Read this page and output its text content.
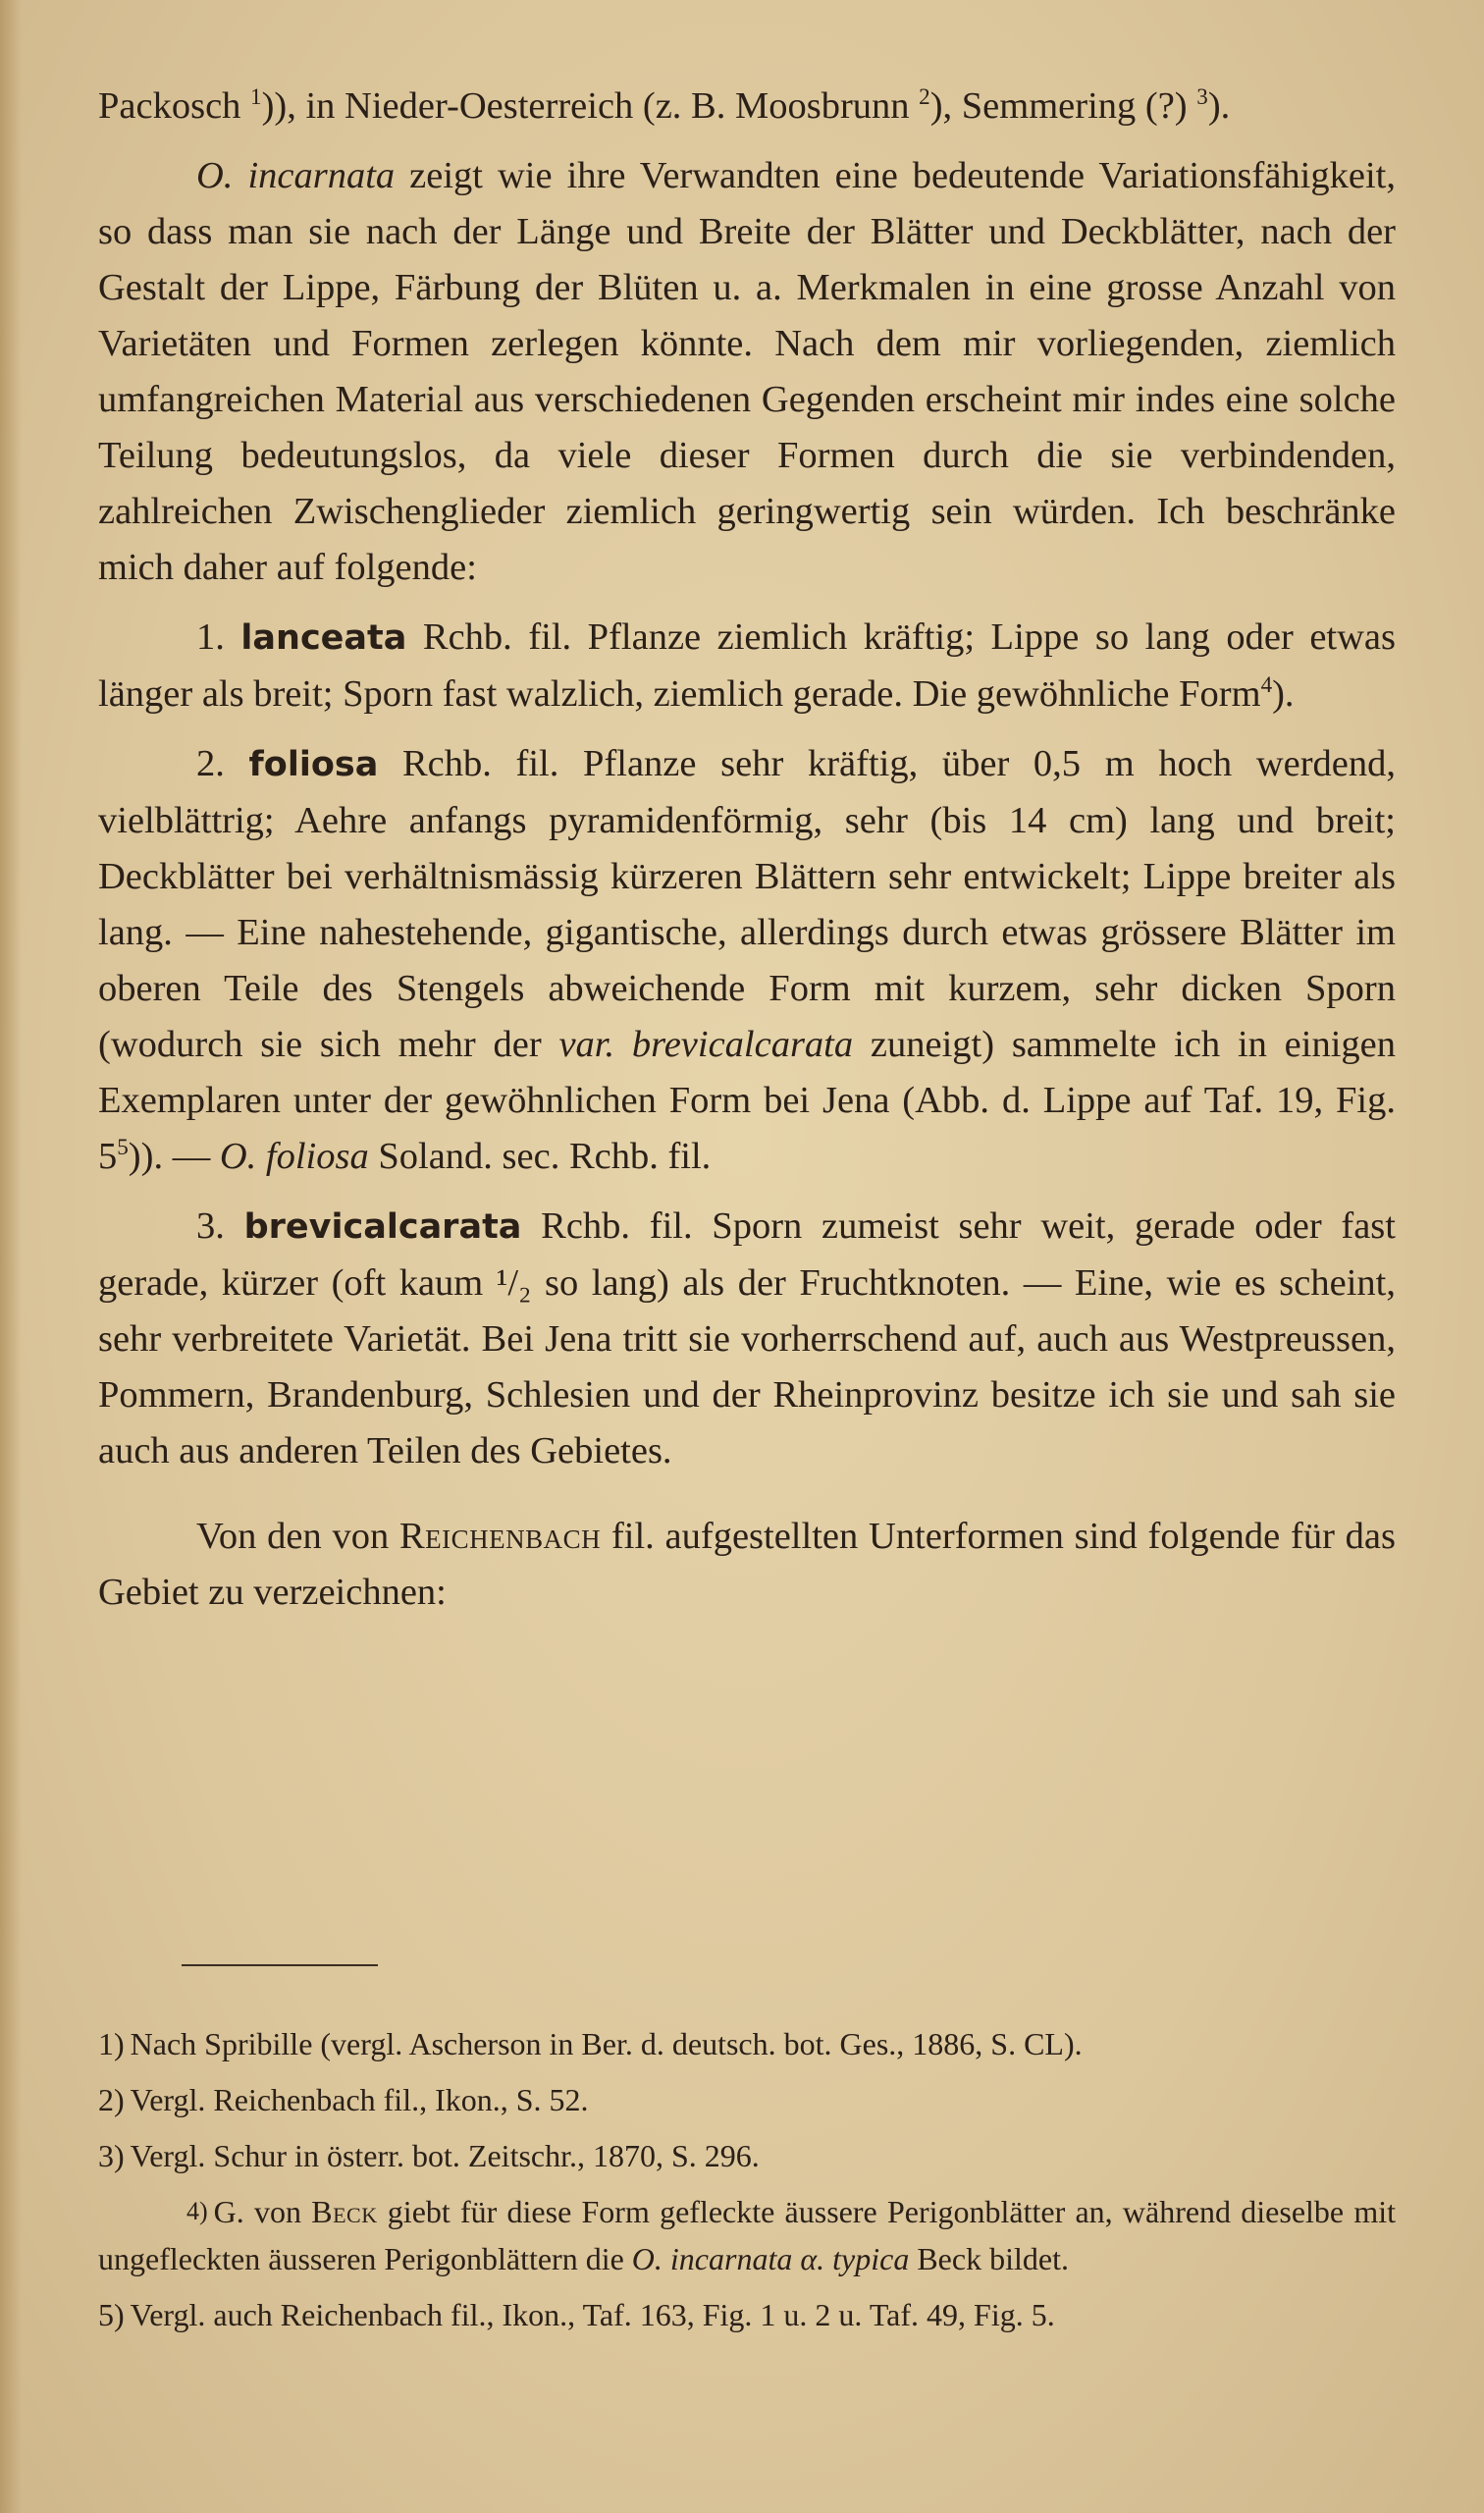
Packosch $^1$)), in Nieder-Oesterreich (z. B. Moosbrunn $^2$), Semmering (?) $^3$).

O. incarnata zeigt wie ihre Verwandten eine bedeutende Variationsfähigkeit, so dass man sie nach der Länge und Breite der Blätter und Deckblätter, nach der Gestalt der Lippe, Färbung der Blüten u. a. Merkmalen in eine grosse Anzahl von Varietäten und Formen zerlegen könnte. Nach dem mir vorliegenden, ziemlich umfangreichen Material aus verschiedenen Gegenden erscheint mir indes eine solche Teilung bedeutungslos, da viele dieser Formen durch die sie verbindenden, zahlreichen Zwischenglieder ziemlich geringwertig sein würden. Ich beschränke mich daher auf folgende:

1. lanceata Rchb. fil. Pflanze ziemlich kräftig; Lippe so lang oder etwas länger als breit; Sporn fast walzlich, ziemlich gerade. Die gewöhnliche Form$^4$).

2. foliosa Rchb. fil. Pflanze sehr kräftig, über 0,5 m hoch werdend, vielblättrig; Aehre anfangs pyramidenförmig, sehr (bis 14 cm) lang und breit; Deckblätter bei verhältnismässig kürzeren Blättern sehr entwickelt; Lippe breiter als lang. — Eine nahestehende, gigantische, allerdings durch etwas grössere Blätter im oberen Teile des Stengels abweichende Form mit kurzem, sehr dicken Sporn (wodurch sie sich mehr der var. brevicalcarata zuneigt) sammelte ich in einigen Exemplaren unter der gewöhnlichen Form bei Jena (Abb. d. Lippe auf Taf. 19, Fig. $5^5$)). — O. foliosa Soland. sec. Rchb. fil.

3. brevicalcarata Rchb. fil. Sporn zumeist sehr weit, gerade oder fast gerade, kürzer (oft kaum ¹/₂ so lang) als der Fruchtknoten. — Eine, wie es scheint, sehr verbreitete Varietät. Bei Jena tritt sie vorherrschend auf, auch aus Westpreussen, Pommern, Brandenburg, Schlesien und der Rheinprovinz besitze ich sie und sah sie auch aus anderen Teilen des Gebietes.

Von den von Reichenbach fil. aufgestellten Unterformen sind folgende für das Gebiet zu verzeichnen:

1) Nach Spribille (vergl. Ascherson in Ber. d. deutsch. bot. Ges., 1886, S. CL).

2) Vergl. Reichenbach fil., Ikon., S. 52.

3) Vergl. Schur in österr. bot. Zeitschr., 1870, S. 296.

4) G. von Beck giebt für diese Form gefleckte äussere Perigonblätter an, während dieselbe mit ungefleckten äusseren Perigonblättern die O. incarnata α. typica Beck bildet.

5) Vergl. auch Reichenbach fil., Ikon., Taf. 163, Fig. 1 u. 2 u. Taf. 49, Fig. 5.
